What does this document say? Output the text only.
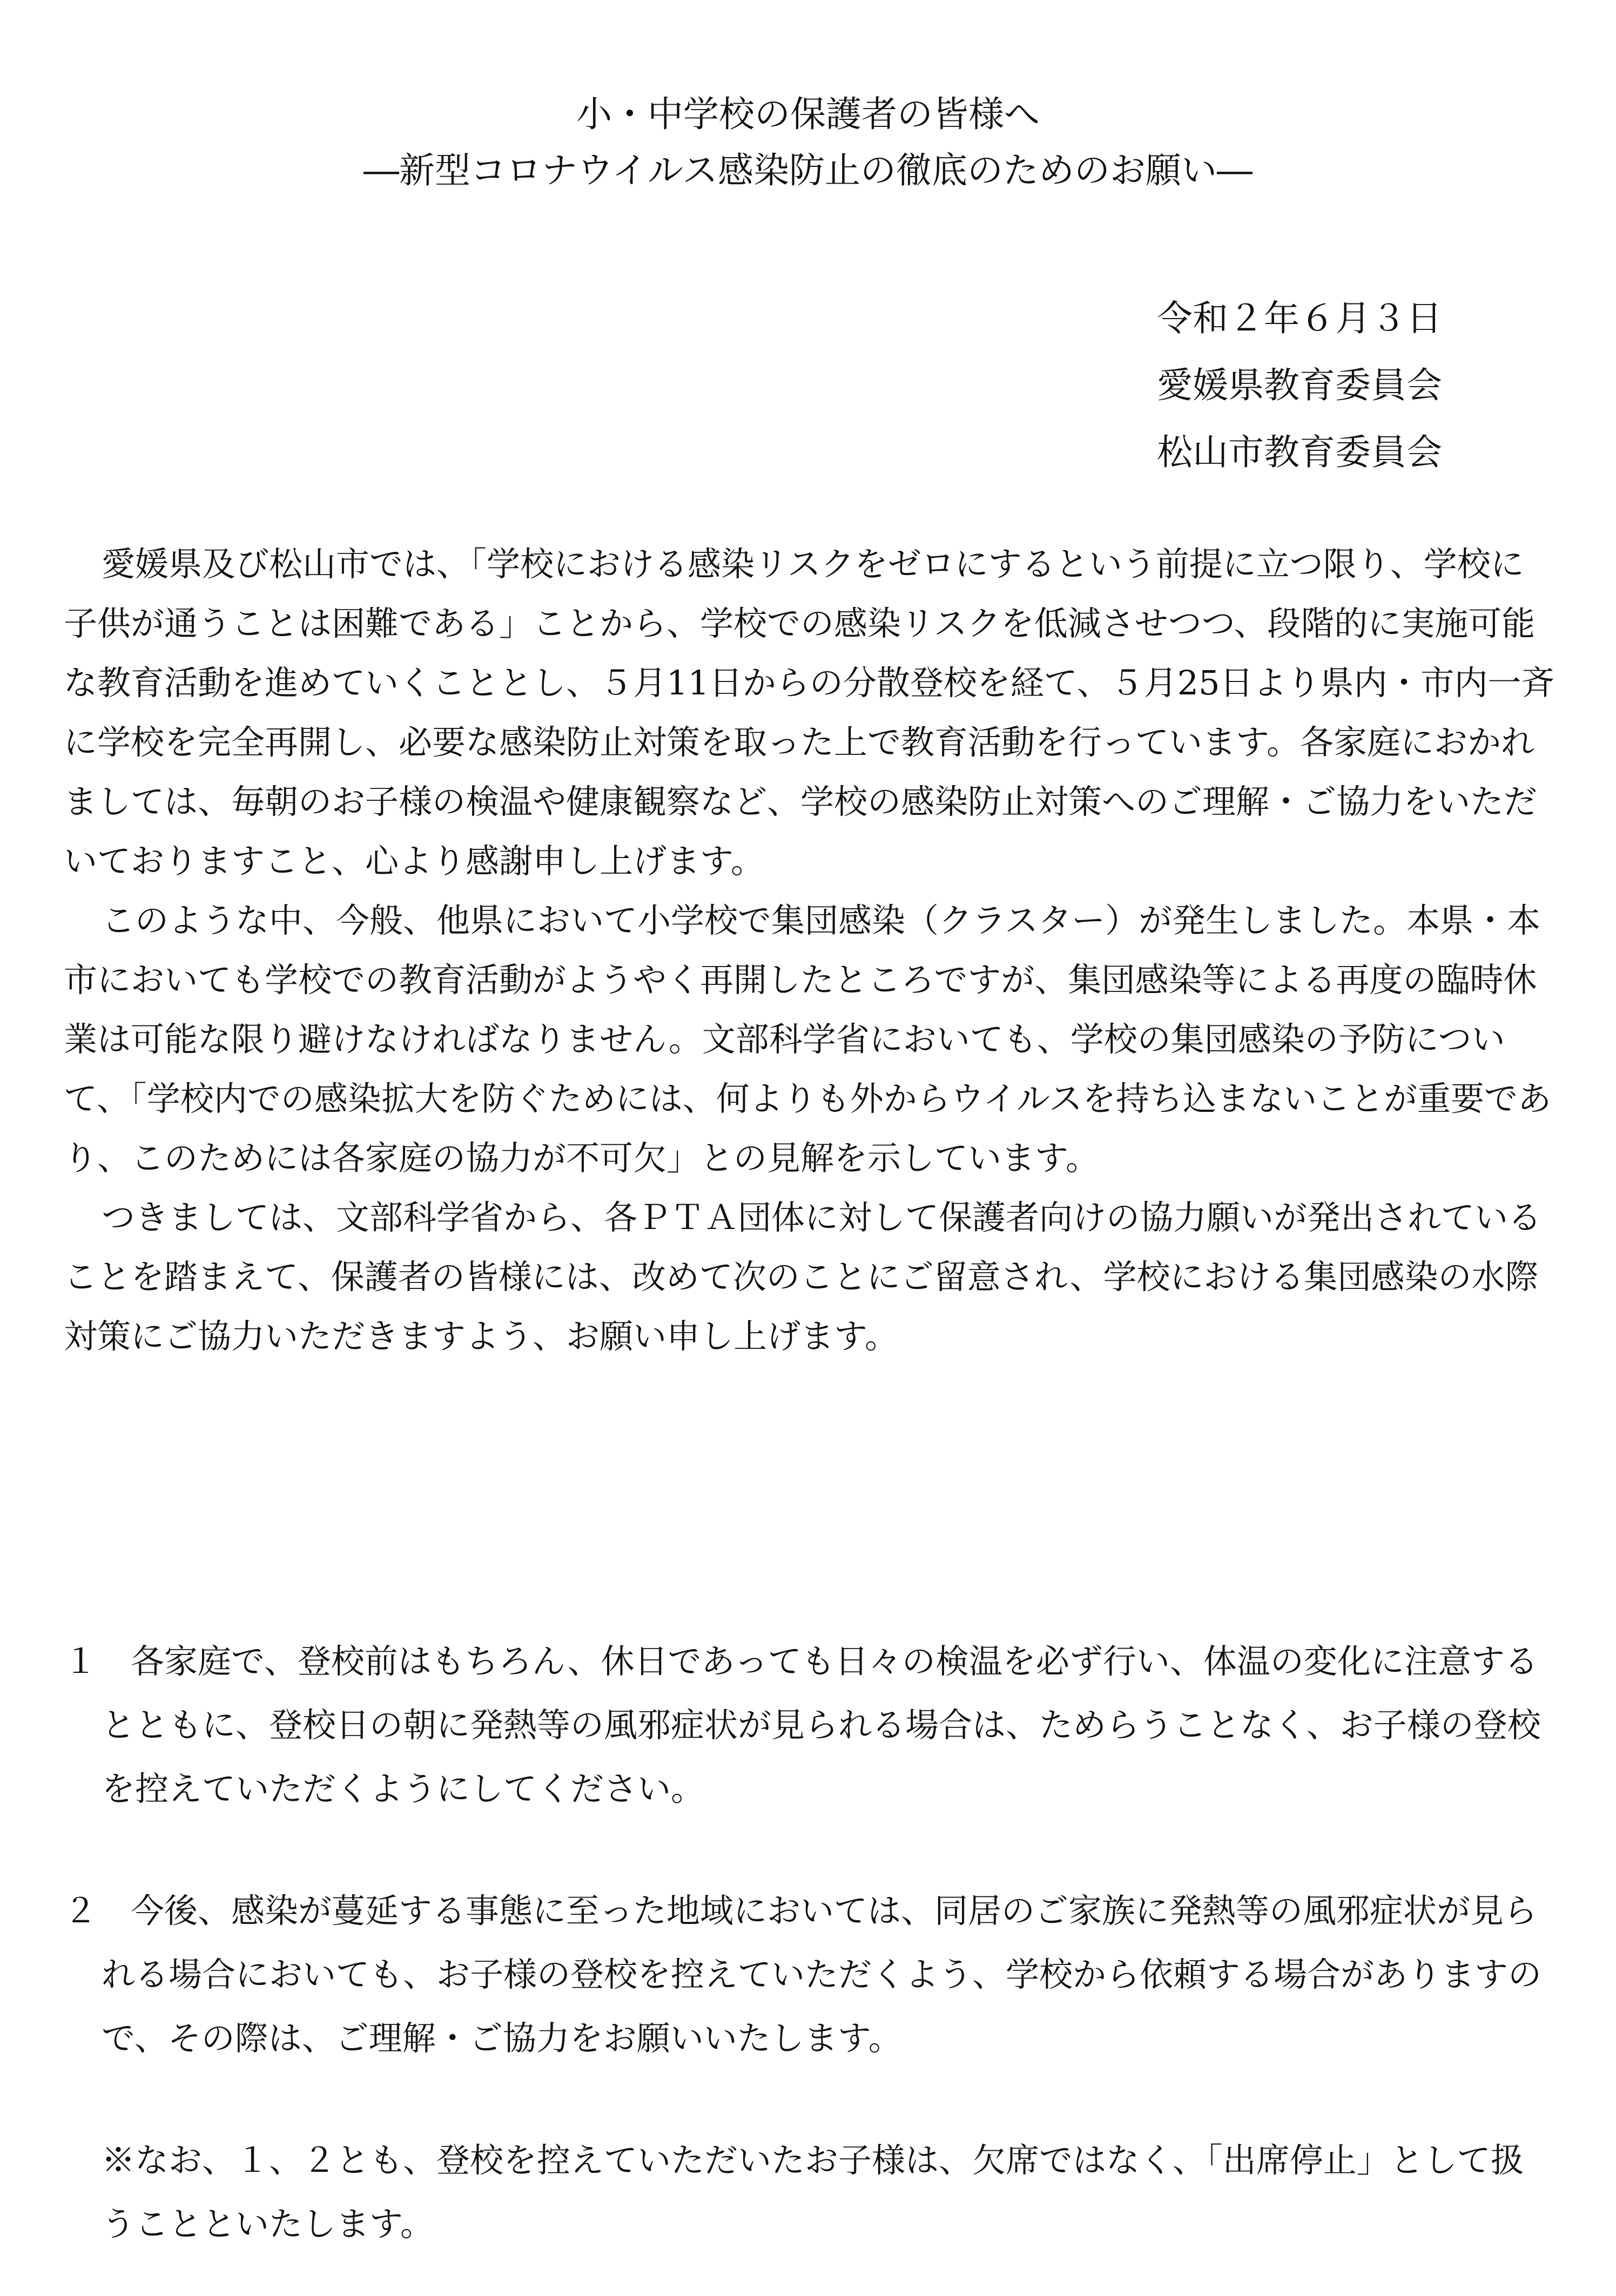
小・中学校の保護者の皆様へ
―新型コロナウイルス感染防止の徹底のためのお願い―
令和２年６月３日
愛媛県教育委員会
松山市教育委員会

愛媛県及び松山市では、「学校における感染リスクをゼロにするという前提に立つ限り、学校に子供が通うことは困難である」ことから、学校での感染リスクを低減させつつ、段階的に実施可能な教育活動を進めていくこととし、５月11日からの分散登校を経て、５月25日より県内・市内一斉に学校を完全再開し、必要な感染防止対策を取った上で教育活動を行っています。各家庭におかれましては、毎朝のお子様の検温や健康観察など、学校の感染防止対策へのご理解・ご協力をいただいておりますこと、心より感謝申し上げます。

このような中、今般、他県において小学校で集団感染（クラスター）が発生しました。本県・本市においても学校での教育活動がようやく再開したところですが、集団感染等による再度の臨時休業は可能な限り避けなければなりません。文部科学省においても、学校の集団感染の予防について、「学校内での感染拡大を防ぐためには、何よりも外からウイルスを持ち込まないことが重要であり、このためには各家庭の協力が不可欠」との見解を示しています。

つきましては、文部科学省から、各ＰＴＡ団体に対して保護者向けの協力願いが発出されていることを踏まえて、保護者の皆様には、改めて次のことにご留意され、学校における集団感染の水際対策にご協力いただきますよう、お願い申し上げます。

１　 各家庭で、登校前はもちろん、休日であっても日々の検温を必ず行い、体温の変化に注意するとともに、登校日の朝に発熱等の風邪症状が見られる場合は、ためらうことなく、お子様の登校を控えていただくようにしてください。

２　 今後、感染が蔓延する事態に至った地域においては、同居のご家族に発熱等の風邪症状が見られる場合においても、お子様の登校を控えていただくよう、学校から依頼する場合がありますので、その際は、ご理解・ご協力をお願いいたします。

※なお、１、２とも、登校を控えていただいたお子様は、欠席ではなく、「出席停止」として扱うことといたします。
